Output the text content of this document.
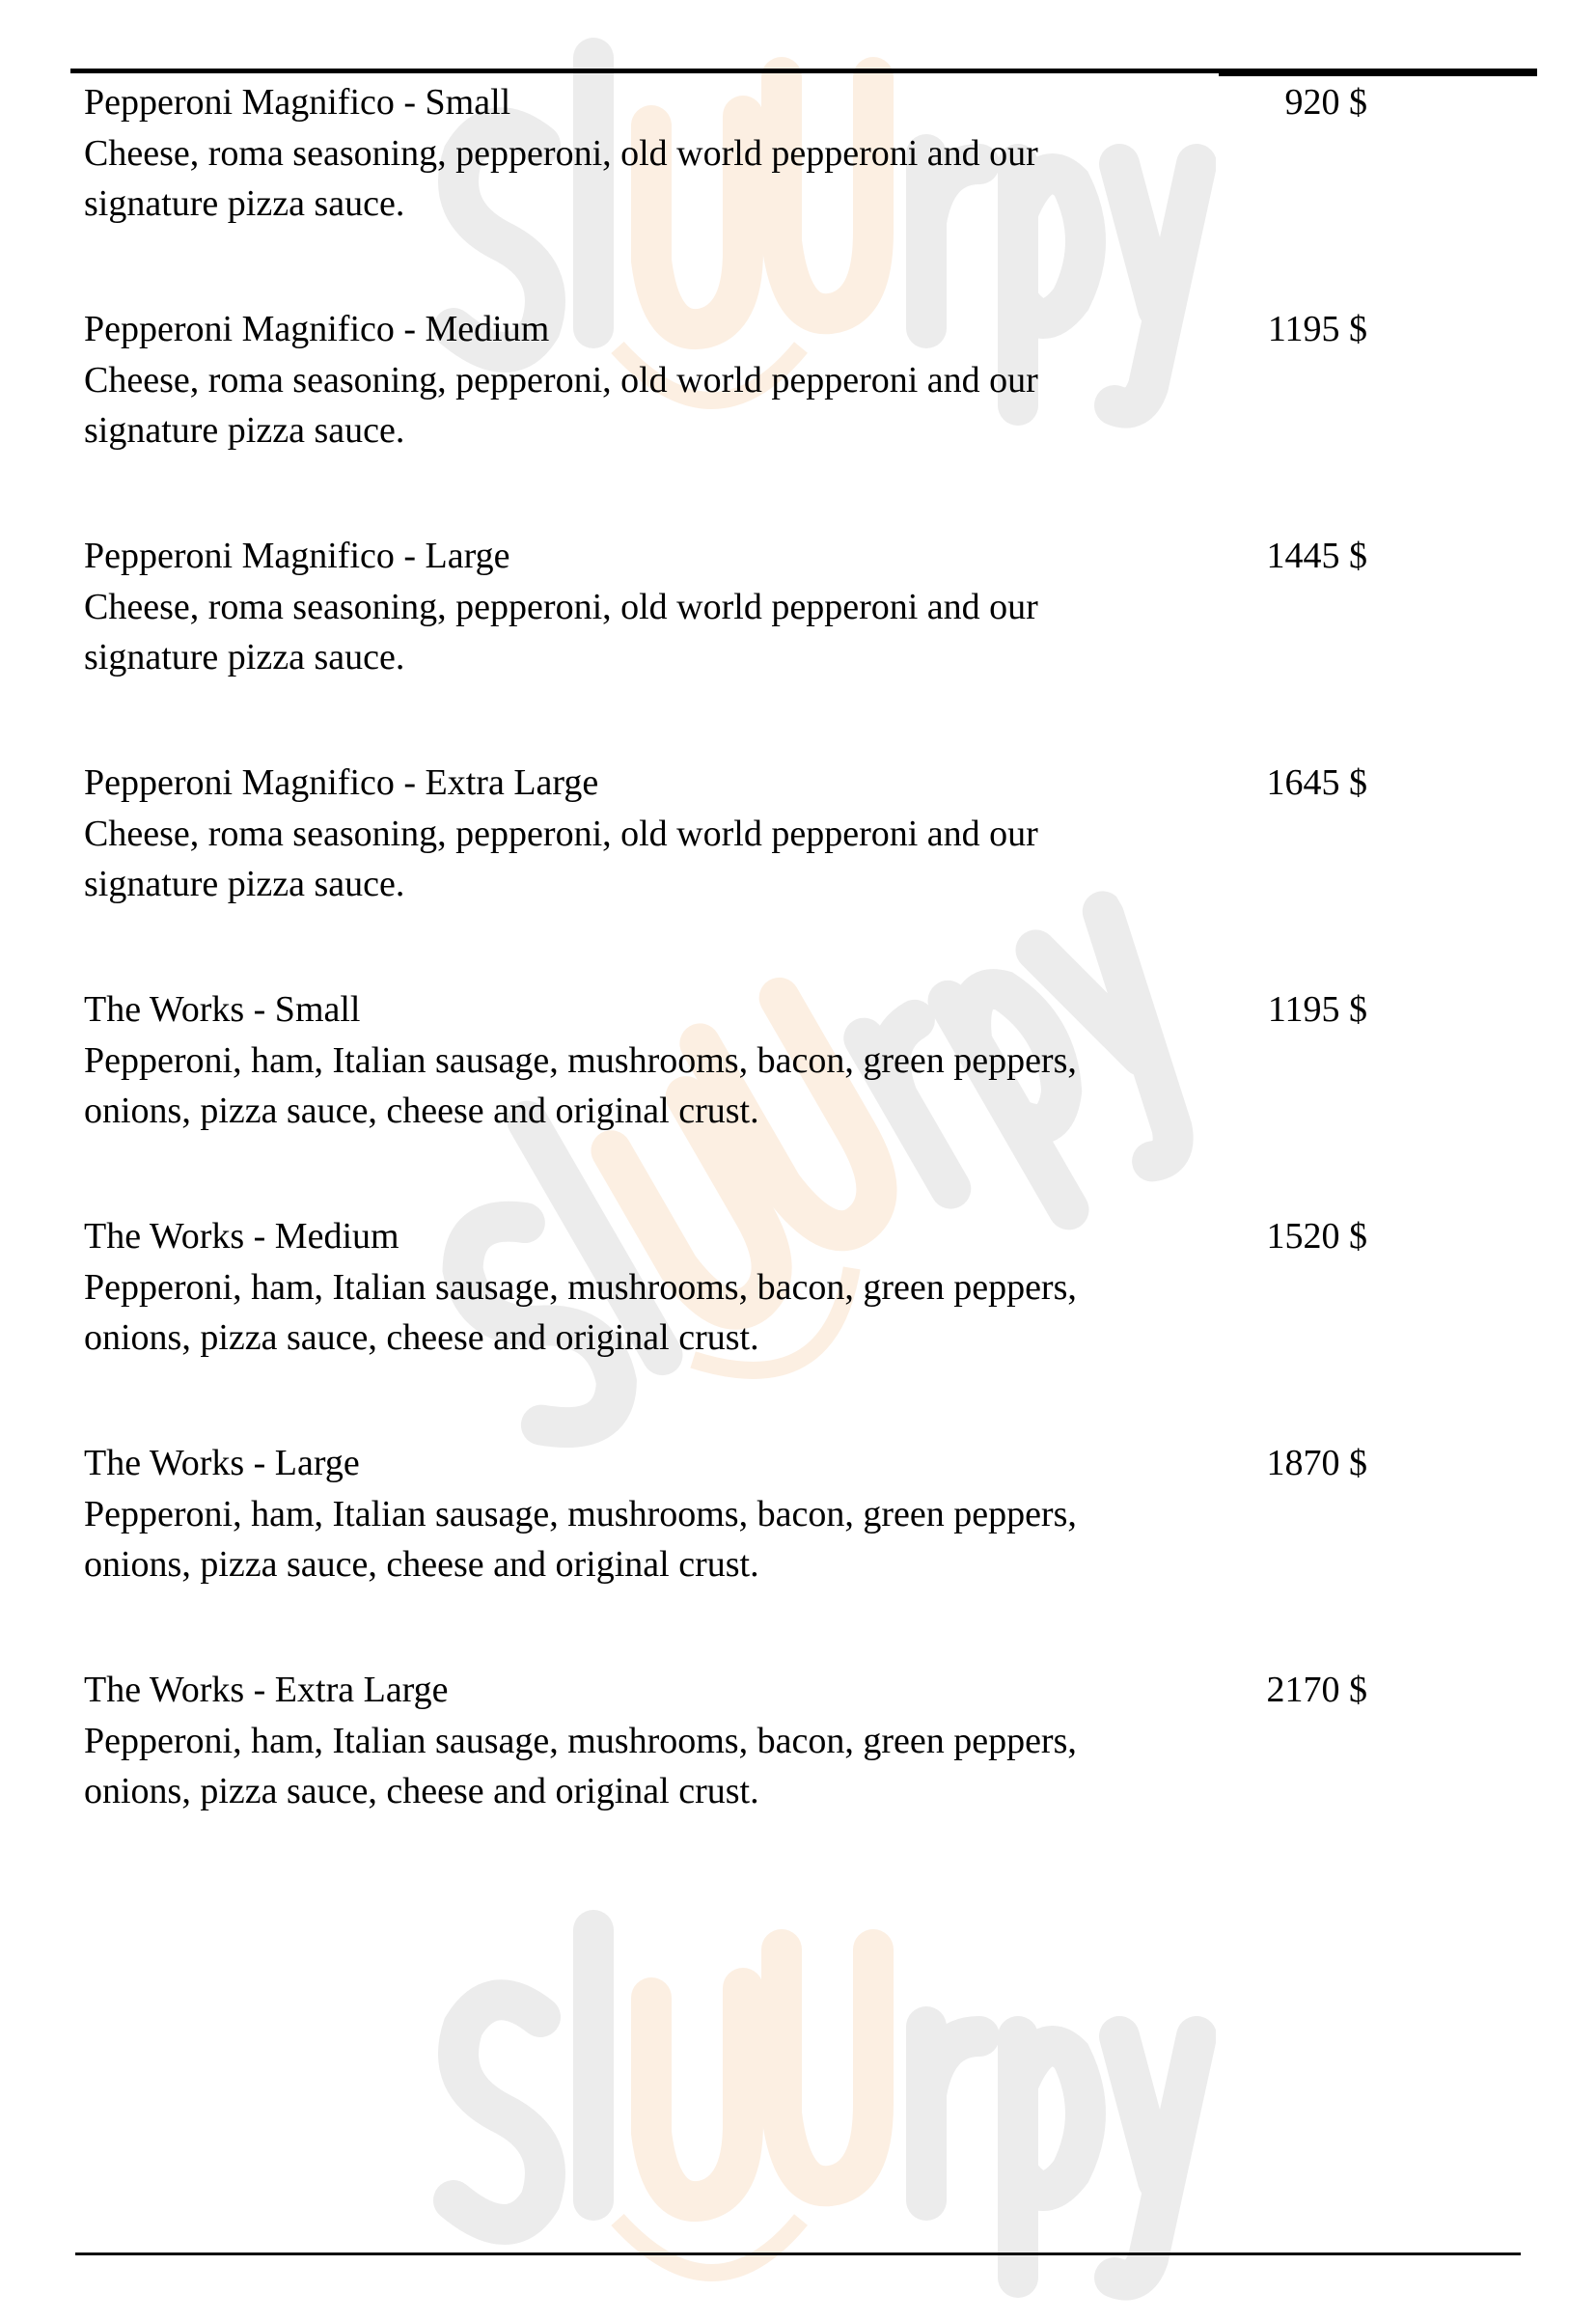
Pepperoni Magnifico - Small
Cheese, roma seasoning, pepperoni, old world pepperoni and our
signature pizza sauce.
920 $
Pepperoni Magnifico - Medium
Cheese, roma seasoning, pepperoni, old world pepperoni and our
signature pizza sauce.
1195 $
Pepperoni Magnifico - Large
Cheese, roma seasoning, pepperoni, old world pepperoni and our
signature pizza sauce.
1445 $
Pepperoni Magnifico - Extra Large
Cheese, roma seasoning, pepperoni, old world pepperoni and our
signature pizza sauce.
1645 $
The Works - Small
Pepperoni, ham, Italian sausage, mushrooms, bacon, green peppers,
onions, pizza sauce, cheese and original crust.
1195 $
The Works - Medium
Pepperoni, ham, Italian sausage, mushrooms, bacon, green peppers,
onions, pizza sauce, cheese and original crust.
1520 $
The Works - Large
Pepperoni, ham, Italian sausage, mushrooms, bacon, green peppers,
onions, pizza sauce, cheese and original crust.
1870 $
The Works - Extra Large
Pepperoni, ham, Italian sausage, mushrooms, bacon, green peppers,
onions, pizza sauce, cheese and original crust.
2170 $
